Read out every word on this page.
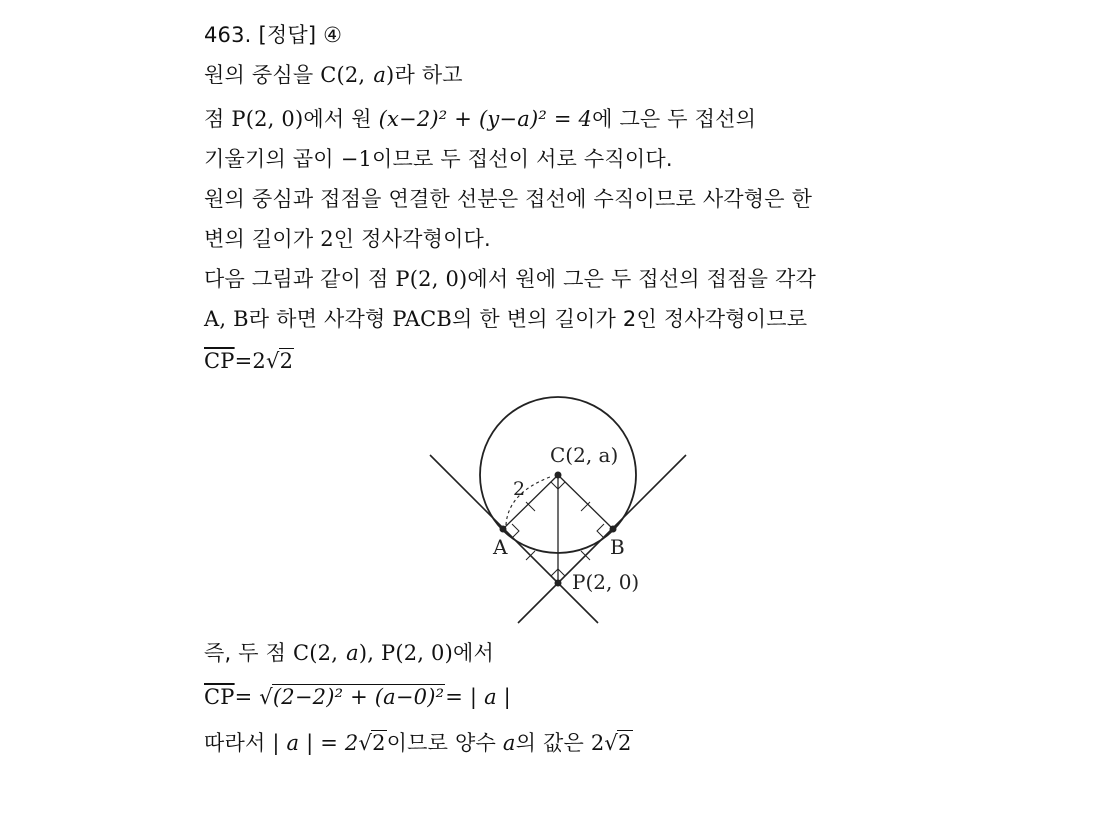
463. [정답] ④
원의 중심을 C(2, a)라 하고
점 P(2, 0)에서 원 (x−2)² + (y−a)² = 4에 그은 두 접선의
기울기의 곱이 −1이므로 두 접선이 서로 수직이다.
원의 중심과 접점을 연결한 선분은 접선에 수직이므로 사각형은 한
변의 길이가 2인 정사각형이다.
다음 그림과 같이 점 P(2, 0)에서 원에 그은 두 접선의 접점을 각각
A, B라 하면 사각형 PACB의 한 변의 길이가 2인 정사각형이므로
$\overline{CP}=2√2$
C(2, a)
2
A	B
P(2, 0)
즉, 두 점 C(2, a), P(2, 0)에서
$\overline{CP}= √(2-2)^2 + (a-0)^2=$ | a |
따라서 | a | = 2√2이므로 양수 a의 값은 2√2
